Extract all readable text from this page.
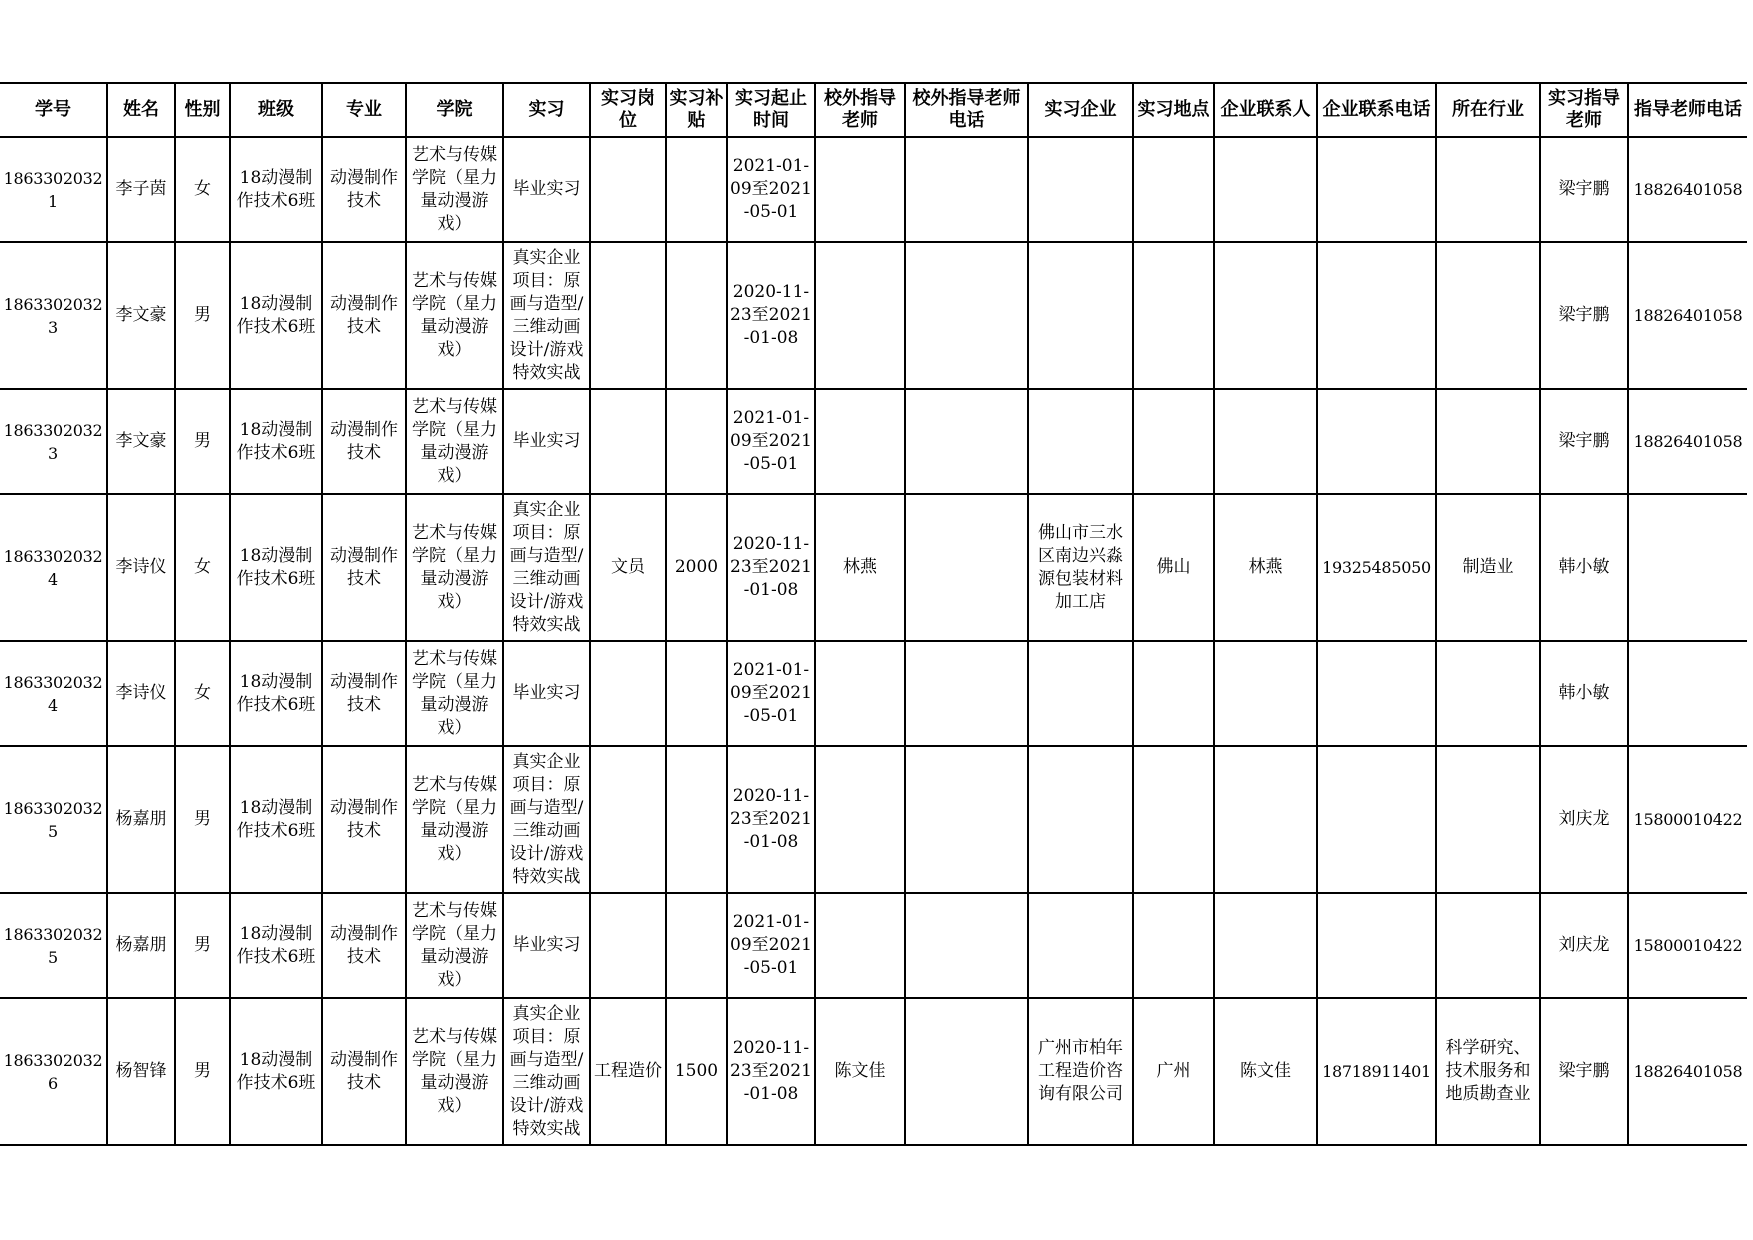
学号	姓名	性别	班级	专业	学院	实习	实习岗位	实习补贴	实习起止时间	校外指导老师	校外指导老师电话	实习企业	实习地点	企业联系人	企业联系电话	所在行业	实习指导老师	指导老师电话

18633020321	李子茵	女	18动漫制作技术6班	动漫制作技术	艺术与传媒学院（星力量动漫游戏）	毕业实习			2021-01-09至2021-05-01								梁宇鹏	18826401058

18633020323	李文豪	男	18动漫制作技术6班	动漫制作技术	艺术与传媒学院（星力量动漫游戏）	真实企业项目：原画与造型/三维动画设计/游戏特效实战			2020-11-23至2021-01-08								梁宇鹏	18826401058

18633020323	李文豪	男	18动漫制作技术6班	动漫制作技术	艺术与传媒学院（星力量动漫游戏）	毕业实习			2021-01-09至2021-05-01								梁宇鹏	18826401058

18633020324	李诗仪	女	18动漫制作技术6班	动漫制作技术	艺术与传媒学院（星力量动漫游戏）	真实企业项目：原画与造型/三维动画设计/游戏特效实战	文员	2000	2020-11-23至2021-01-08	林燕		佛山市三水区南边兴淼源包装材料加工店	佛山	林燕	19325485050	制造业	韩小敏	

18633020324	李诗仪	女	18动漫制作技术6班	动漫制作技术	艺术与传媒学院（星力量动漫游戏）	毕业实习			2021-01-09至2021-05-01								韩小敏	

18633020325	杨嘉朋	男	18动漫制作技术6班	动漫制作技术	艺术与传媒学院（星力量动漫游戏）	真实企业项目：原画与造型/三维动画设计/游戏特效实战			2020-11-23至2021-01-08								刘庆龙	15800010422

18633020325	杨嘉朋	男	18动漫制作技术6班	动漫制作技术	艺术与传媒学院（星力量动漫游戏）	毕业实习			2021-01-09至2021-05-01								刘庆龙	15800010422

18633020326	杨智锋	男	18动漫制作技术6班	动漫制作技术	艺术与传媒学院（星力量动漫游戏）	真实企业项目：原画与造型/三维动画设计/游戏特效实战	工程造价	1500	2020-11-23至2021-01-08	陈文佳		广州市柏年工程造价咨询有限公司	广州	陈文佳	18718911401	科学研究、技术服务和地质勘查业	梁宇鹏	18826401058
